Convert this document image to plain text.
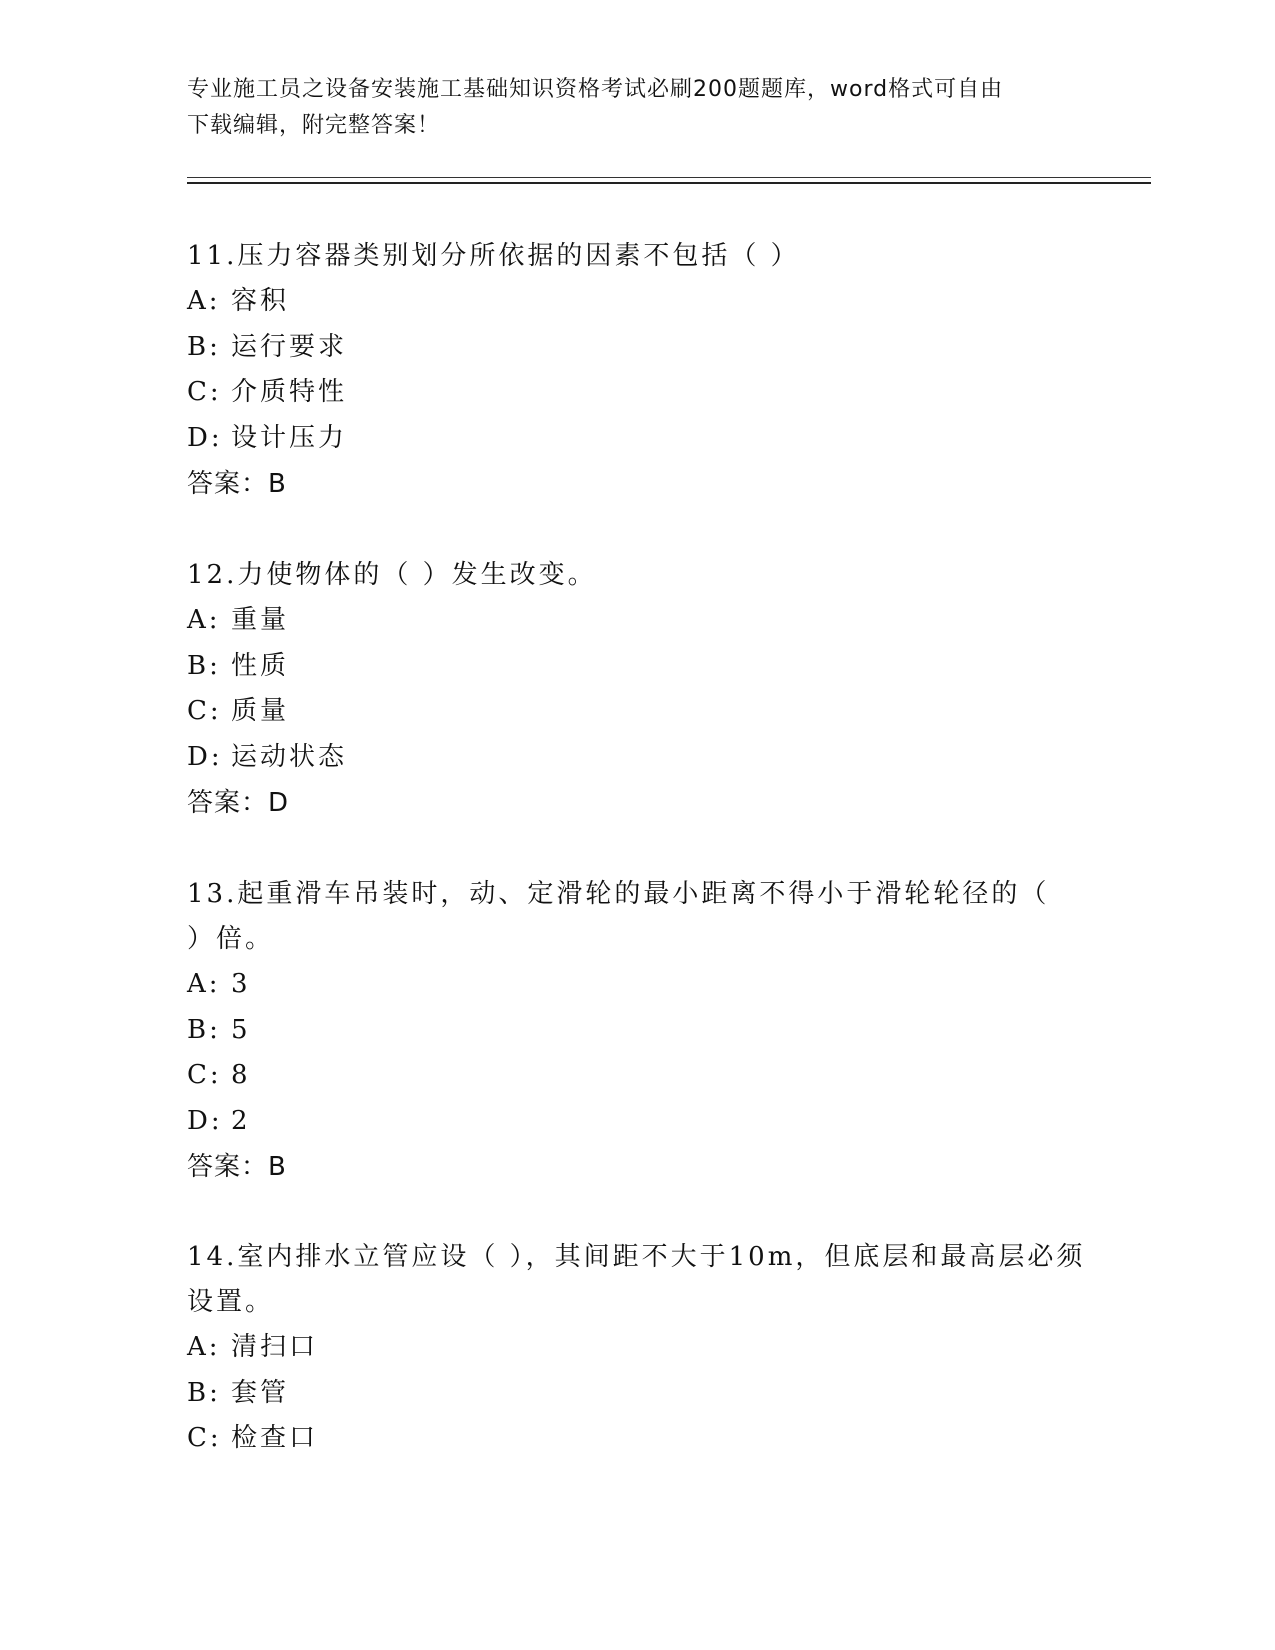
专业施工员之设备安装施工基础知识资格考试必刷200题题库，word格式可自由
下载编辑，附完整答案！

11.压力容器类别划分所依据的因素不包括（ ）

A: 容积

B: 运行要求

C: 介质特性

D: 设计压力

答案：B

12.力使物体的（ ）发生改变。

A: 重量

B: 性质

C: 质量

D: 运动状态

答案：D

13.起重滑车吊装时，动、定滑轮的最小距离不得小于滑轮轮径的（

）倍。

A: 3

B: 5

C: 8

D: 2

答案：B

14.室内排水立管应设（ ），其间距不大于10m，但底层和最高层必须

设置。

A: 清扫口

B: 套管

C: 检查口
